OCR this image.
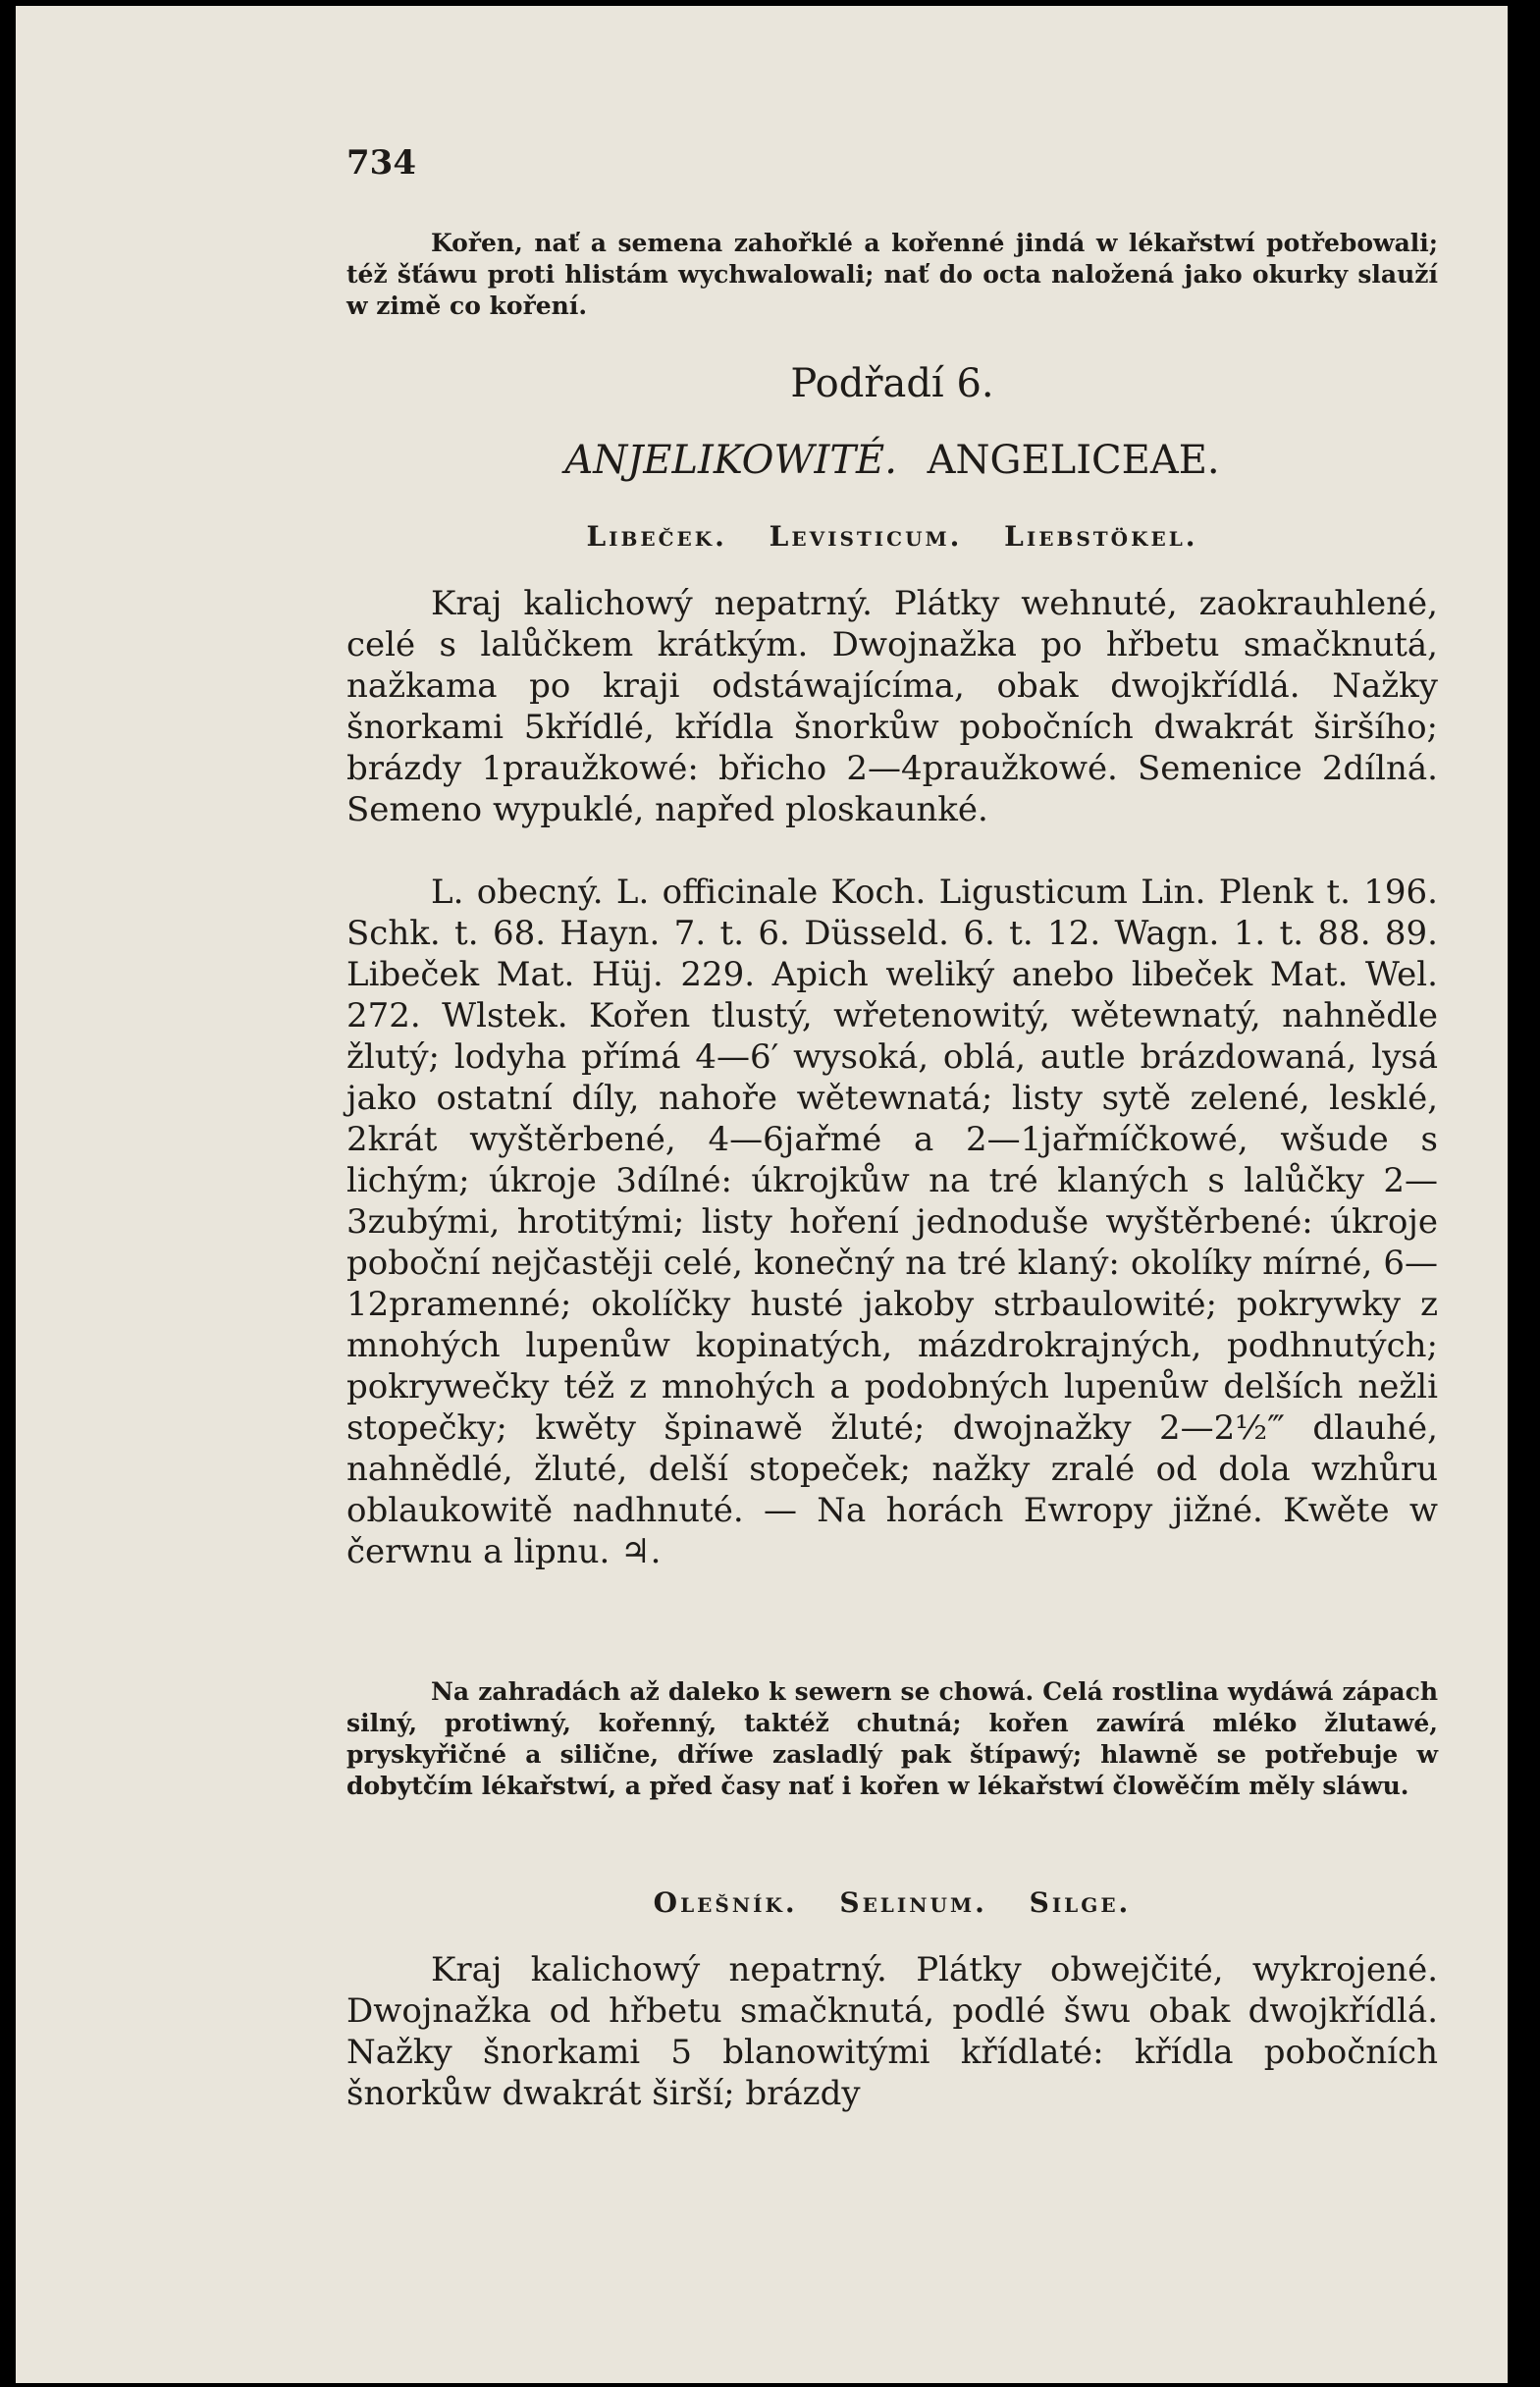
734

Kořen, nať a semena zahořklé a kořenné jindá w lékařstwí potřebowali; též šťáwu proti hlistám wychwalowali; nať do octa naložená jako okurky slauží w zimě co koření.

Podřadí 6.
ANJELIKOWITÉ. ANGELICEAE.
Libeček. Levisticum. Liebstökel.

Kraj kalichowý nepatrný. Plátky wehnuté, zaokrauhlené, celé s lalůčkem krátkým. Dwojnažka po hřbetu smačknutá, nažkama po kraji odstáwajícíma, obak dwojkřídlá. Nažky šnorkami 5křídlé, křídla šnorkůw pobočních dwakrát širšího; brázdy 1praužkowé: břicho 2—4praužkowé. Semenice 2dílná. Semeno wypuklé, napřed ploskaunké.

L. obecný. L. officinale Koch. Ligusticum Lin. Plenk t. 196. Schk. t. 68. Hayn. 7. t. 6. Düsseld. 6. t. 12. Wagn. 1. t. 88. 89. Libeček Mat. Hüj. 229. Apich weliký anebo libeček Mat. Wel. 272. Wlstek. Kořen tlustý, wřetenowitý, wětewnatý, nahnědle žlutý; lodyha přímá 4—6′ wysoká, oblá, autle brázdowaná, lysá jako ostatní díly, nahoře wětewnatá; listy sytě zelené, lesklé, 2krát wyštěrbené, 4—6jařmé a 2—1jařmíčkowé, wšude s lichým; úkroje 3dílné: úkrojkůw na tré klaných s lalůčky 2—3zubými, hrotitými; listy hoření jednoduše wyštěrbené: úkroje poboční nejčastěji celé, konečný na tré klaný: okolíky mírné, 6—12pramenné; okolíčky husté jakoby strbaulowité; pokrywky z mnohých lupenůw kopinatých, mázdrokrajných, podhnutých; pokrywečky též z mnohých a podobných lupenůw delších nežli stopečky; kwěty špinawě žluté; dwojnažky 2—2½‴ dlauhé, nahnědlé, žluté, delší stopeček; nažky zralé od dola wzhůru oblaukowitě nadhnuté. — Na horách Ewropy jižné. Kwěte w čerwnu a lipnu. ♃.

Na zahradách až daleko k sewern se chowá. Celá rostlina wydáwá zápach silný, protiwný, kořenný, taktéž chutná; kořen zawírá mléko žlutawé, pryskyřičné a silične, dříwe zasladlý pak štípawý; hlawně se potřebuje w dobytčím lékařstwí, a před časy nať i kořen w lékařstwí člowěčím měly sláwu.

Olešník. Selinum. Silge.

Kraj kalichowý nepatrný. Plátky obwejčité, wykrojené. Dwojnažka od hřbetu smačknutá, podlé šwu obak dwojkřídlá. Nažky šnorkami 5 blanowitými křídlaté: křídla pobočních šnorkůw dwakrát širší; brázdy
